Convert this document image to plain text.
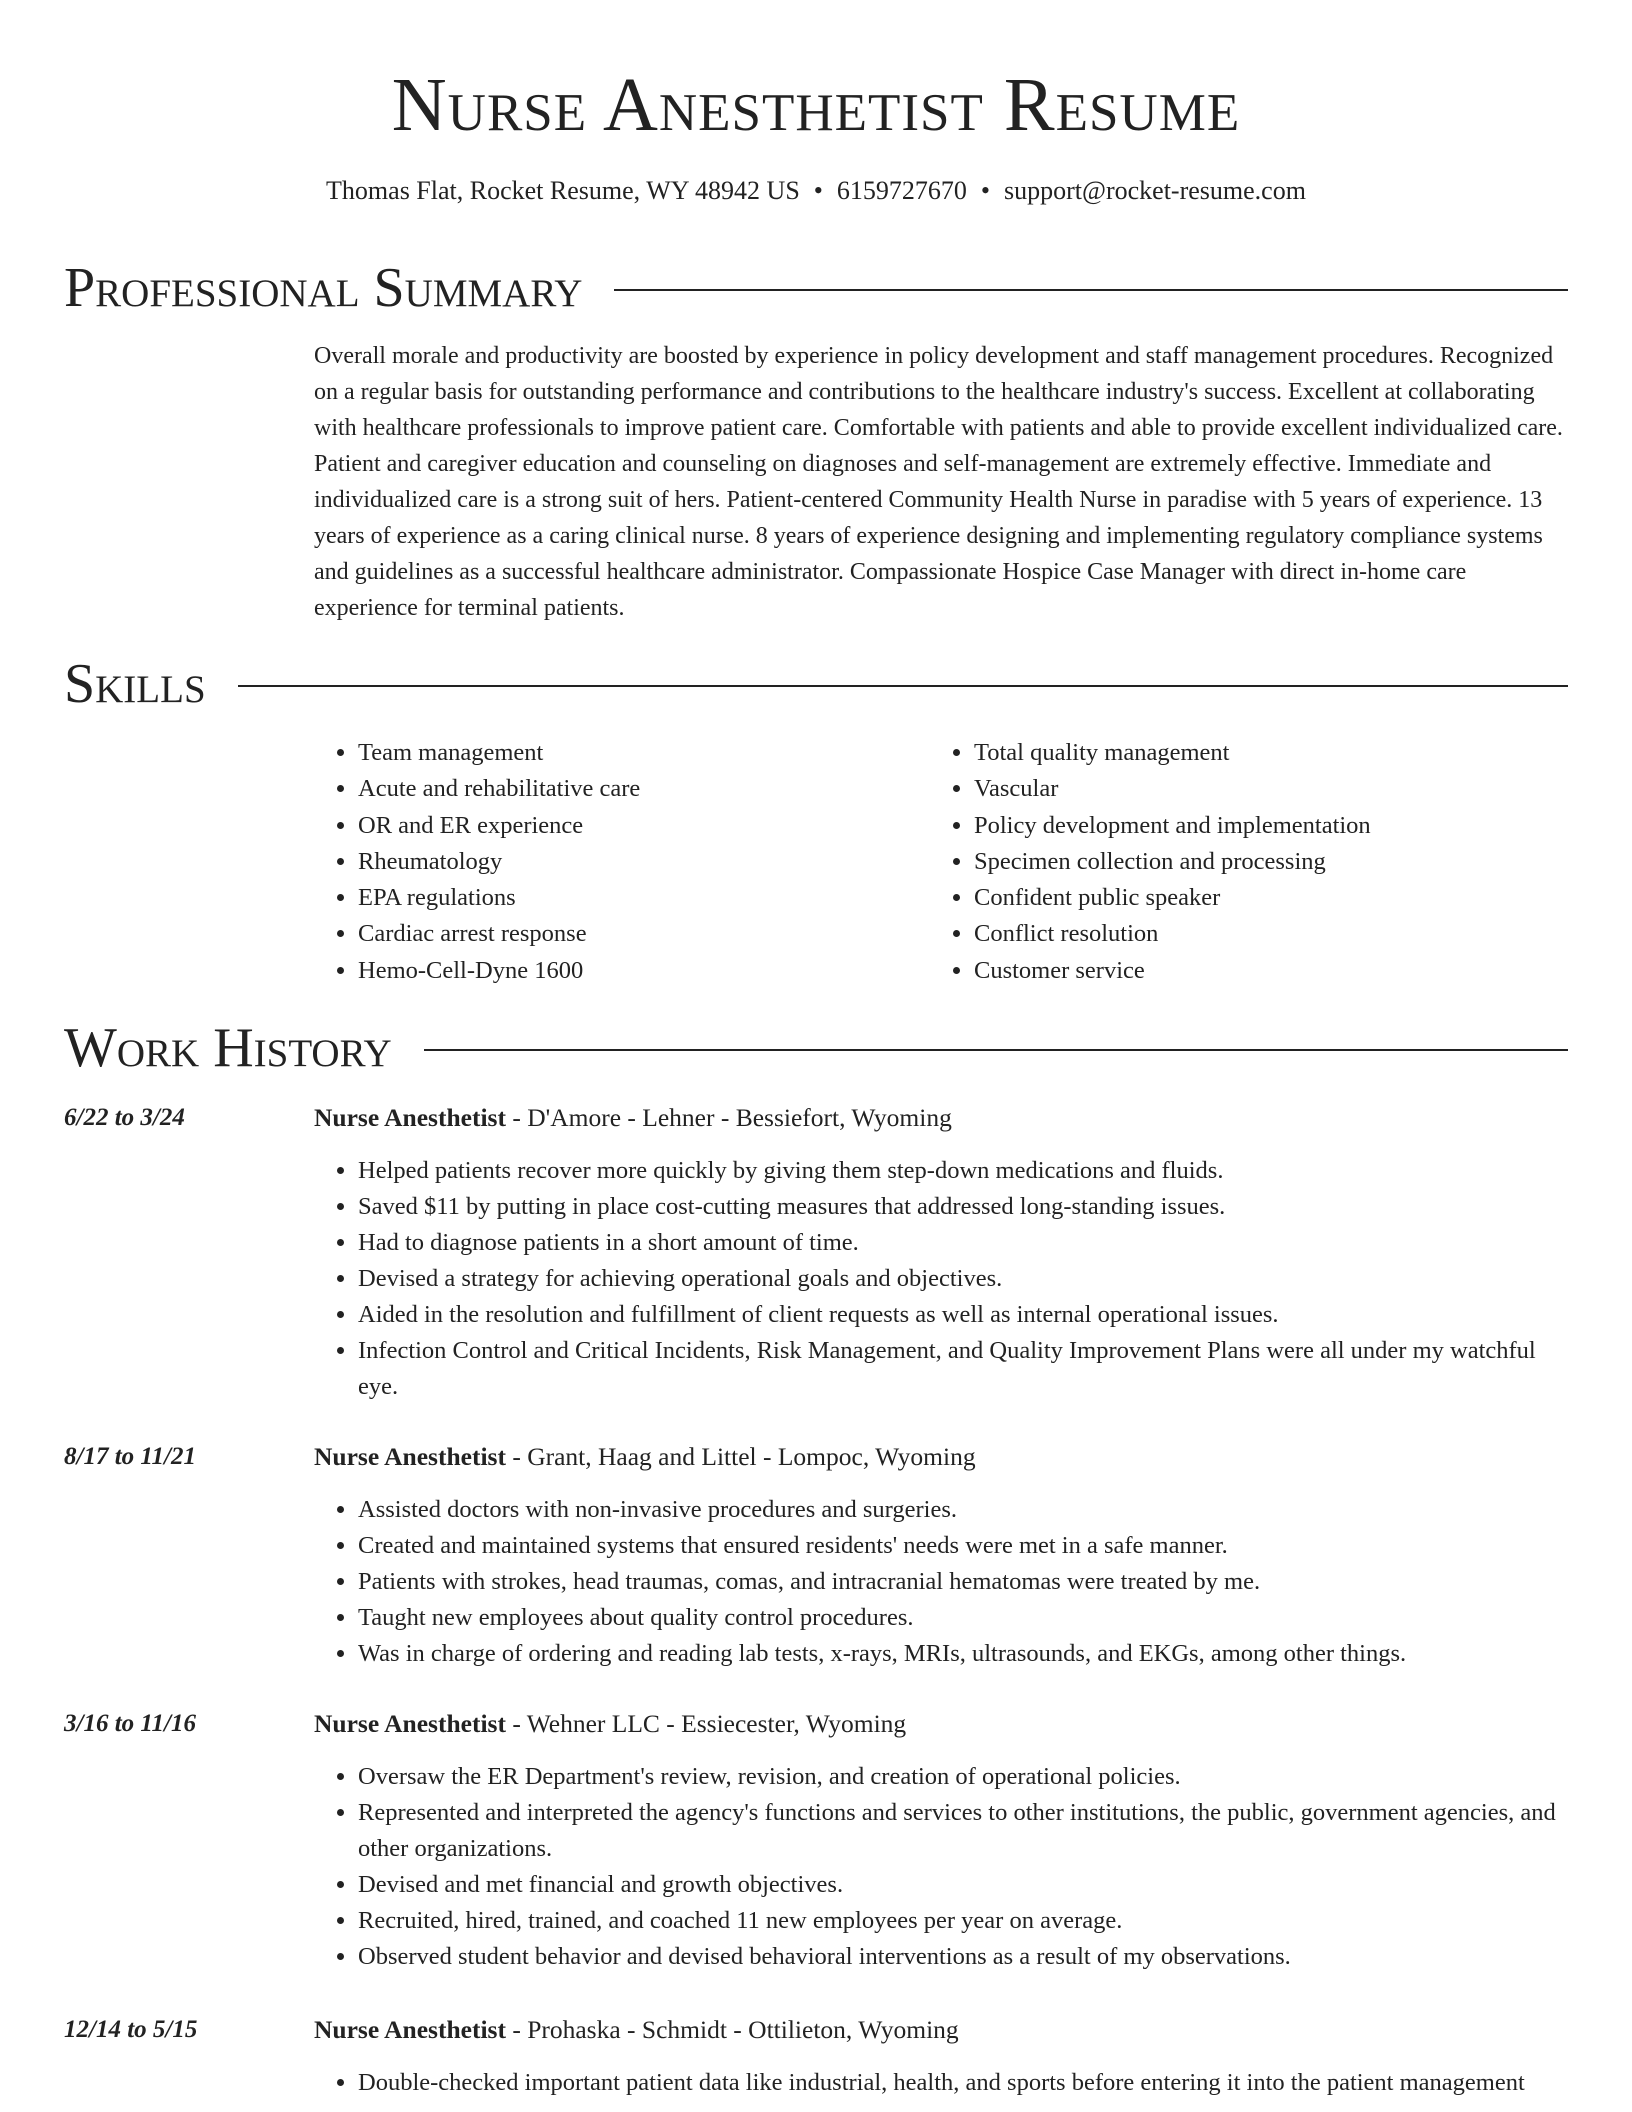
Nurse Anesthetist Resume
Thomas Flat, Rocket Resume, WY 48942 US • 6159727670 • support@rocket-resume.com
Professional Summary

Overall morale and productivity are boosted by experience in policy development and staff management procedures. Recognized on a regular basis for outstanding performance and contributions to the healthcare industry's success. Excellent at collaborating with healthcare professionals to improve patient care. Comfortable with patients and able to provide excellent individualized care. Patient and caregiver education and counseling on diagnoses and self-management are extremely effective. Immediate and individualized care is a strong suit of hers. Patient-centered Community Health Nurse in paradise with 5 years of experience. 13 years of experience as a caring clinical nurse. 8 years of experience designing and implementing regulatory compliance systems and guidelines as a successful healthcare administrator. Compassionate Hospice Case Manager with direct in-home care experience for terminal patients.

Skills
• Team management
• Acute and rehabilitative care
• OR and ER experience
• Rheumatology
• EPA regulations
• Cardiac arrest response
• Hemo-Cell-Dyne 1600
• Total quality management
• Vascular
• Policy development and implementation
• Specimen collection and processing
• Confident public speaker
• Conflict resolution
• Customer service
Work History
6/22 to 3/24	Nurse Anesthetist - D'Amore - Lehner - Bessiefort, Wyoming
• Helped patients recover more quickly by giving them step-down medications and fluids.
• Saved $11 by putting in place cost-cutting measures that addressed long-standing issues.
• Had to diagnose patients in a short amount of time.
• Devised a strategy for achieving operational goals and objectives.
• Aided in the resolution and fulfillment of client requests as well as internal operational issues.
• Infection Control and Critical Incidents, Risk Management, and Quality Improvement Plans were all under my watchful eye.
8/17 to 11/21	Nurse Anesthetist - Grant, Haag and Littel - Lompoc, Wyoming
• Assisted doctors with non-invasive procedures and surgeries.
• Created and maintained systems that ensured residents' needs were met in a safe manner.
• Patients with strokes, head traumas, comas, and intracranial hematomas were treated by me.
• Taught new employees about quality control procedures.
• Was in charge of ordering and reading lab tests, x-rays, MRIs, ultrasounds, and EKGs, among other things.
3/16 to 11/16	Nurse Anesthetist - Wehner LLC - Essiecester, Wyoming
• Oversaw the ER Department's review, revision, and creation of operational policies.
• Represented and interpreted the agency's functions and services to other institutions, the public, government agencies, and other organizations.
• Devised and met financial and growth objectives.
• Recruited, hired, trained, and coached 11 new employees per year on average.
• Observed student behavior and devised behavioral interventions as a result of my observations.
12/14 to 5/15	Nurse Anesthetist - Prohaska - Schmidt - Ottilieton, Wyoming
• Double-checked important patient data like industrial, health, and sports before entering it into the patient management
